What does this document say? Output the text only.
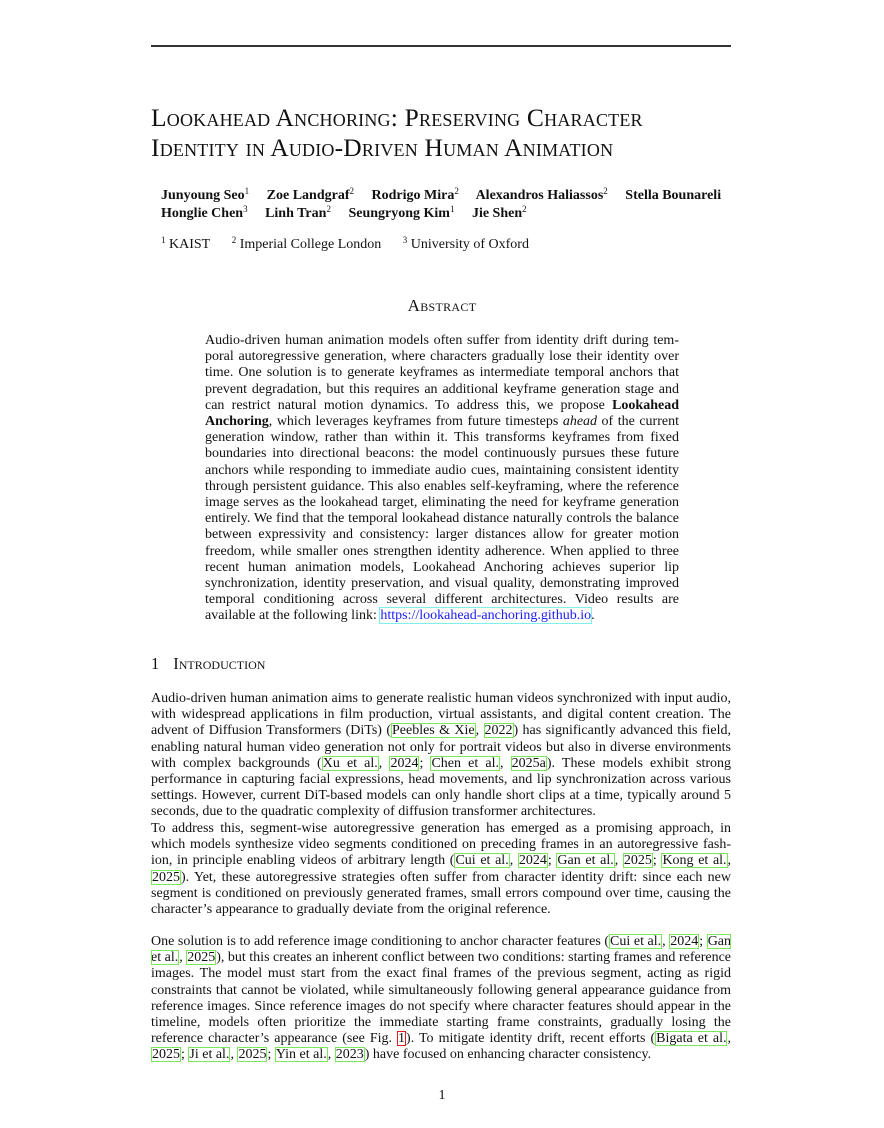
Lookahead Anchoring: Preserving Character
Identity in Audio-Driven Human Animation
Junyoung Seo$^1$ Zoe Landgraf$^2$ Rodrigo Mira$^2$ Alexandros Haliassos$^2$ Stella Bounareli
Honglie Chen$^3$ Linh Tran$^2$ Seungryong Kim$^1$ Jie Shen$^2$
$^1$ KAIST $^2$ Imperial College London $^3$ University of Oxford
Abstract
Audio-driven human animation models often suffer from identity drift during temporal autoregressive generation, where characters gradually lose their identity over time. One solution is to generate keyframes as intermediate temporal anchors that prevent degradation, but this requires an additional keyframe generation stage and can restrict natural motion dynamics. To address this, we propose Lookahead Anchoring, which leverages keyframes from future timesteps ahead of the current generation window, rather than within it. This transforms keyframes from fixed boundaries into directional beacons: the model continuously pursues these future anchors while responding to immediate audio cues, maintaining consistent identity through persistent guidance. This also enables self-keyframing, where the reference image serves as the lookahead target, eliminating the need for keyframe generation entirely. We find that the temporal lookahead distance naturally controls the balance between expressivity and consistency: larger distances allow for greater motion freedom, while smaller ones strengthen identity adherence. When applied to three recent human animation models, Lookahead Anchoring achieves superior lip synchronization, identity preservation, and visual quality, demonstrating improved temporal conditioning across several different architectures. Video results are available at the following link: https://lookahead-anchoring.github.io.
1 Introduction
Audio-driven human animation aims to generate realistic human videos synchronized with input audio, with widespread applications in film production, virtual assistants, and digital content creation. The advent of Diffusion Transformers (DiTs) (Peebles & Xie, 2022) has significantly advanced this field, enabling natural human video generation not only for portrait videos but also in diverse environments with complex backgrounds (Xu et al., 2024; Chen et al., 2025a). These models exhibit strong performance in capturing facial expressions, head movements, and lip synchronization across various settings. However, current DiT-based models can only handle short clips at a time, typically around 5 seconds, due to the quadratic complexity of diffusion transformer architectures.
To address this, segment-wise autoregressive generation has emerged as a promising approach, in which models synthesize video segments conditioned on preceding frames in an autoregressive fashion, in principle enabling videos of arbitrary length (Cui et al., 2024; Gan et al., 2025; Kong et al., 2025). Yet, these autoregressive strategies often suffer from character identity drift: since each new segment is conditioned on previously generated frames, small errors compound over time, causing the character’s appearance to gradually deviate from the original reference.
One solution is to add reference image conditioning to anchor character features (Cui et al., 2024; Gan et al., 2025), but this creates an inherent conflict between two conditions: starting frames and reference images. The model must start from the exact final frames of the previous segment, acting as rigid constraints that cannot be violated, while simultaneously following general appearance guidance from reference images. Since reference images do not specify where character features should appear in the timeline, models often prioritize the immediate starting frame constraints, gradually losing the reference character’s appearance (see Fig. 1). To mitigate identity drift, recent efforts (Bigata et al., 2025; Ji et al., 2025; Yin et al., 2023) have focused on enhancing character consistency.
1
